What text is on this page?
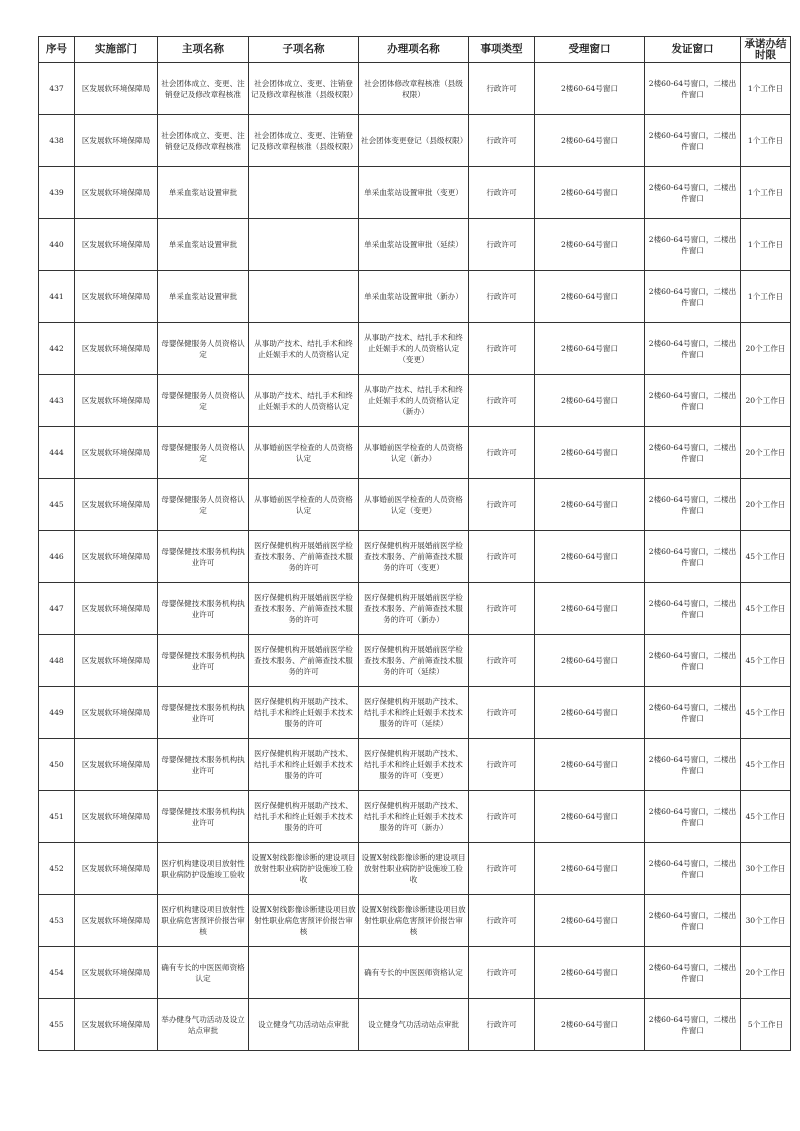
序号	实施部门	主项名称	子项名称	办理项名称	事项类型	受理窗口	发证窗口	承诺办结时限
437	区发展软环境保障局	社会团体成立、变更、注销登记及修改章程核准	社会团体成立、变更、注销登记及修改章程核准（县级权限）	社会团体修改章程核准（县级权限）	行政许可	2楼60-64号窗口	2楼60-64号窗口，二楼出件窗口	1个工作日
438	区发展软环境保障局	社会团体成立、变更、注销登记及修改章程核准	社会团体成立、变更、注销登记及修改章程核准（县级权限）	社会团体变更登记（县级权限）	行政许可	2楼60-64号窗口	2楼60-64号窗口，二楼出件窗口	1个工作日
439	区发展软环境保障局	单采血浆站设置审批		单采血浆站设置审批（变更）	行政许可	2楼60-64号窗口	2楼60-64号窗口，二楼出件窗口	1个工作日
440	区发展软环境保障局	单采血浆站设置审批		单采血浆站设置审批（延续）	行政许可	2楼60-64号窗口	2楼60-64号窗口，二楼出件窗口	1个工作日
441	区发展软环境保障局	单采血浆站设置审批		单采血浆站设置审批（新办）	行政许可	2楼60-64号窗口	2楼60-64号窗口，二楼出件窗口	1个工作日
442	区发展软环境保障局	母婴保健服务人员资格认定	从事助产技术、结扎手术和终止妊娠手术的人员资格认定	从事助产技术、结扎手术和终止妊娠手术的人员资格认定（变更）	行政许可	2楼60-64号窗口	2楼60-64号窗口，二楼出件窗口	20个工作日
443	区发展软环境保障局	母婴保健服务人员资格认定	从事助产技术、结扎手术和终止妊娠手术的人员资格认定	从事助产技术、结扎手术和终止妊娠手术的人员资格认定（新办）	行政许可	2楼60-64号窗口	2楼60-64号窗口，二楼出件窗口	20个工作日
444	区发展软环境保障局	母婴保健服务人员资格认定	从事婚前医学检查的人员资格认定	从事婚前医学检查的人员资格认定（新办）	行政许可	2楼60-64号窗口	2楼60-64号窗口，二楼出件窗口	20个工作日
445	区发展软环境保障局	母婴保健服务人员资格认定	从事婚前医学检查的人员资格认定	从事婚前医学检查的人员资格认定（变更）	行政许可	2楼60-64号窗口	2楼60-64号窗口，二楼出件窗口	20个工作日
446	区发展软环境保障局	母婴保健技术服务机构执业许可	医疗保健机构开展婚前医学检查技术服务、产前筛查技术服务的许可	医疗保健机构开展婚前医学检查技术服务、产前筛查技术服务的许可（变更）	行政许可	2楼60-64号窗口	2楼60-64号窗口，二楼出件窗口	45个工作日
447	区发展软环境保障局	母婴保健技术服务机构执业许可	医疗保健机构开展婚前医学检查技术服务、产前筛查技术服务的许可	医疗保健机构开展婚前医学检查技术服务、产前筛查技术服务的许可（新办）	行政许可	2楼60-64号窗口	2楼60-64号窗口，二楼出件窗口	45个工作日
448	区发展软环境保障局	母婴保健技术服务机构执业许可	医疗保健机构开展婚前医学检查技术服务、产前筛查技术服务的许可	医疗保健机构开展婚前医学检查技术服务、产前筛查技术服务的许可（延续）	行政许可	2楼60-64号窗口	2楼60-64号窗口，二楼出件窗口	45个工作日
449	区发展软环境保障局	母婴保健技术服务机构执业许可	医疗保健机构开展助产技术、结扎手术和终止妊娠手术技术服务的许可	医疗保健机构开展助产技术、结扎手术和终止妊娠手术技术服务的许可（延续）	行政许可	2楼60-64号窗口	2楼60-64号窗口，二楼出件窗口	45个工作日
450	区发展软环境保障局	母婴保健技术服务机构执业许可	医疗保健机构开展助产技术、结扎手术和终止妊娠手术技术服务的许可	医疗保健机构开展助产技术、结扎手术和终止妊娠手术技术服务的许可（变更）	行政许可	2楼60-64号窗口	2楼60-64号窗口，二楼出件窗口	45个工作日
451	区发展软环境保障局	母婴保健技术服务机构执业许可	医疗保健机构开展助产技术、结扎手术和终止妊娠手术技术服务的许可	医疗保健机构开展助产技术、结扎手术和终止妊娠手术技术服务的许可（新办）	行政许可	2楼60-64号窗口	2楼60-64号窗口，二楼出件窗口	45个工作日
452	区发展软环境保障局	医疗机构建设项目放射性职业病防护设施竣工验收	设置X射线影像诊断的建设项目放射性职业病防护设施竣工验收	设置X射线影像诊断的建设项目放射性职业病防护设施竣工验收	行政许可	2楼60-64号窗口	2楼60-64号窗口，二楼出件窗口	30个工作日
453	区发展软环境保障局	医疗机构建设项目放射性职业病危害预评价报告审核	设置X射线影像诊断建设项目放射性职业病危害预评价报告审核	设置X射线影像诊断建设项目放射性职业病危害预评价报告审核	行政许可	2楼60-64号窗口	2楼60-64号窗口，二楼出件窗口	30个工作日
454	区发展软环境保障局	确有专长的中医医师资格认定		确有专长的中医医师资格认定	行政许可	2楼60-64号窗口	2楼60-64号窗口，二楼出件窗口	20个工作日
455	区发展软环境保障局	举办健身气功活动及设立站点审批	设立健身气功活动站点审批	设立健身气功活动站点审批	行政许可	2楼60-64号窗口	2楼60-64号窗口，二楼出件窗口	5个工作日
